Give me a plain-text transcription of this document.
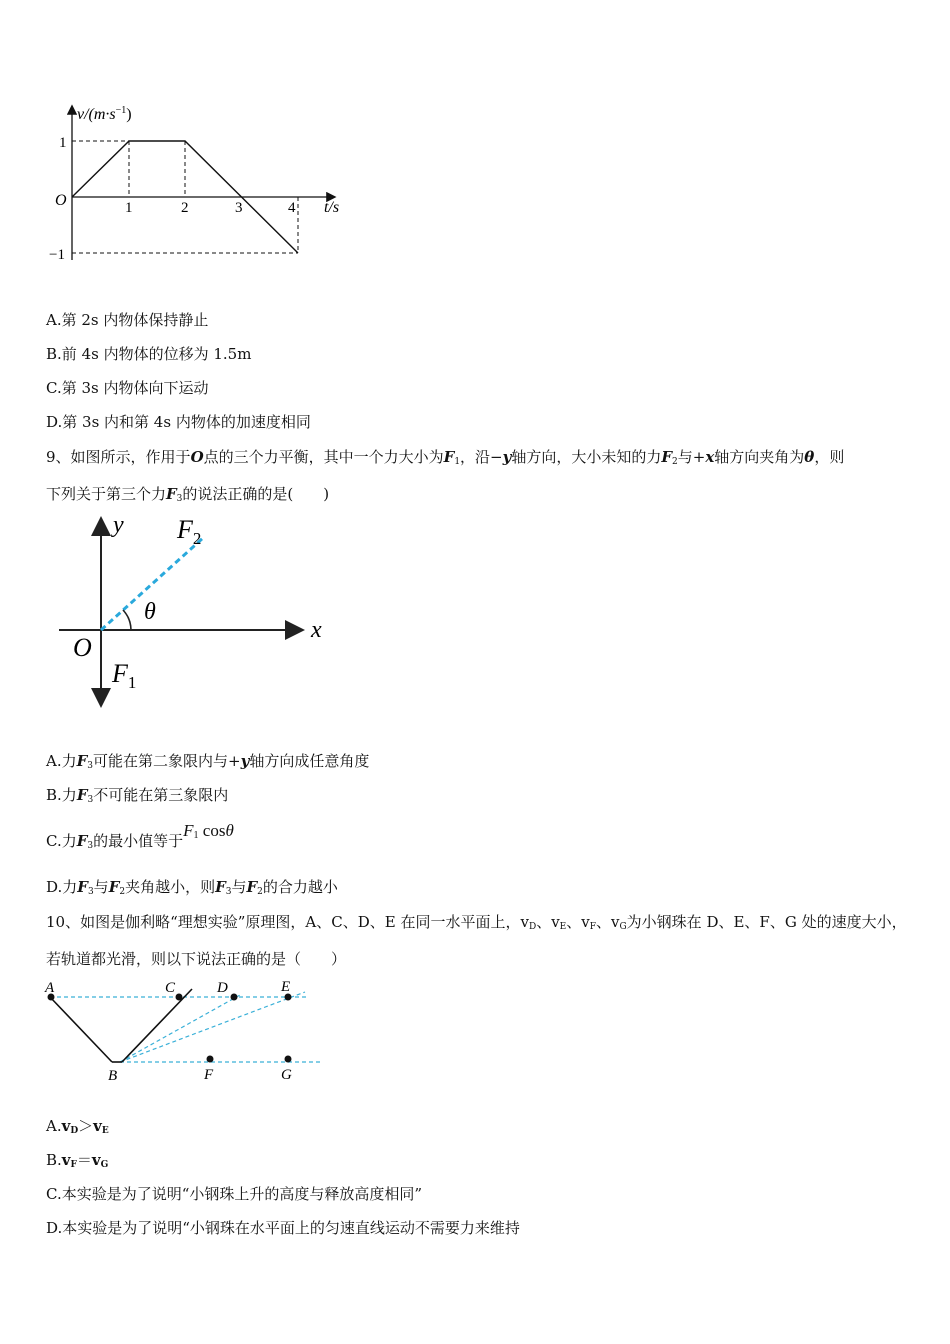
$v/(m\cdot s^{-1})$
O
1
−1
1	2	3	4 t/s
A.第 2s 内物体保持静止
B.前 4s 内物体的位移为 1.5m
C.第 3s 内物体向下运动
D.第 3s 内和第 4s 内物体的加速度相同
9、如图所示，作用于O点的三个力平衡，其中一个力大小为$F_1$，沿−y轴方向，大小未知的力$F_2$与+x轴方向夹角为θ，则
下列关于第三个力$F_3$的说法正确的是(　　)
y
x
O
θ
$F_2$
$F_1$
A.力$F_3$可能在第二象限内与+y轴方向成任意角度
B.力$F_3$不可能在第三象限内
C.力$F_3$的最小值等于$F_1$ cosθ
D.力$F_3$与$F_2$夹角越小，则$F_3$与$F_2$的合力越小
10、如图是伽利略“理想实验”原理图，A、C、D、E 在同一水平面上，$v_D$、$v_E$、$v_F$、$v_G$为小钢珠在 D、E、F、G 处的速度大小，
若轨道都光滑，则以下说法正确的是（　　）
A	C	D	E
B	F	G
$A.v_D>v_E$
$B.v_F=v_G$
C.本实验是为了说明“小钢珠上升的高度与释放高度相同”
D.本实验是为了说明“小钢珠在水平面上的匀速直线运动不需要力来维持
